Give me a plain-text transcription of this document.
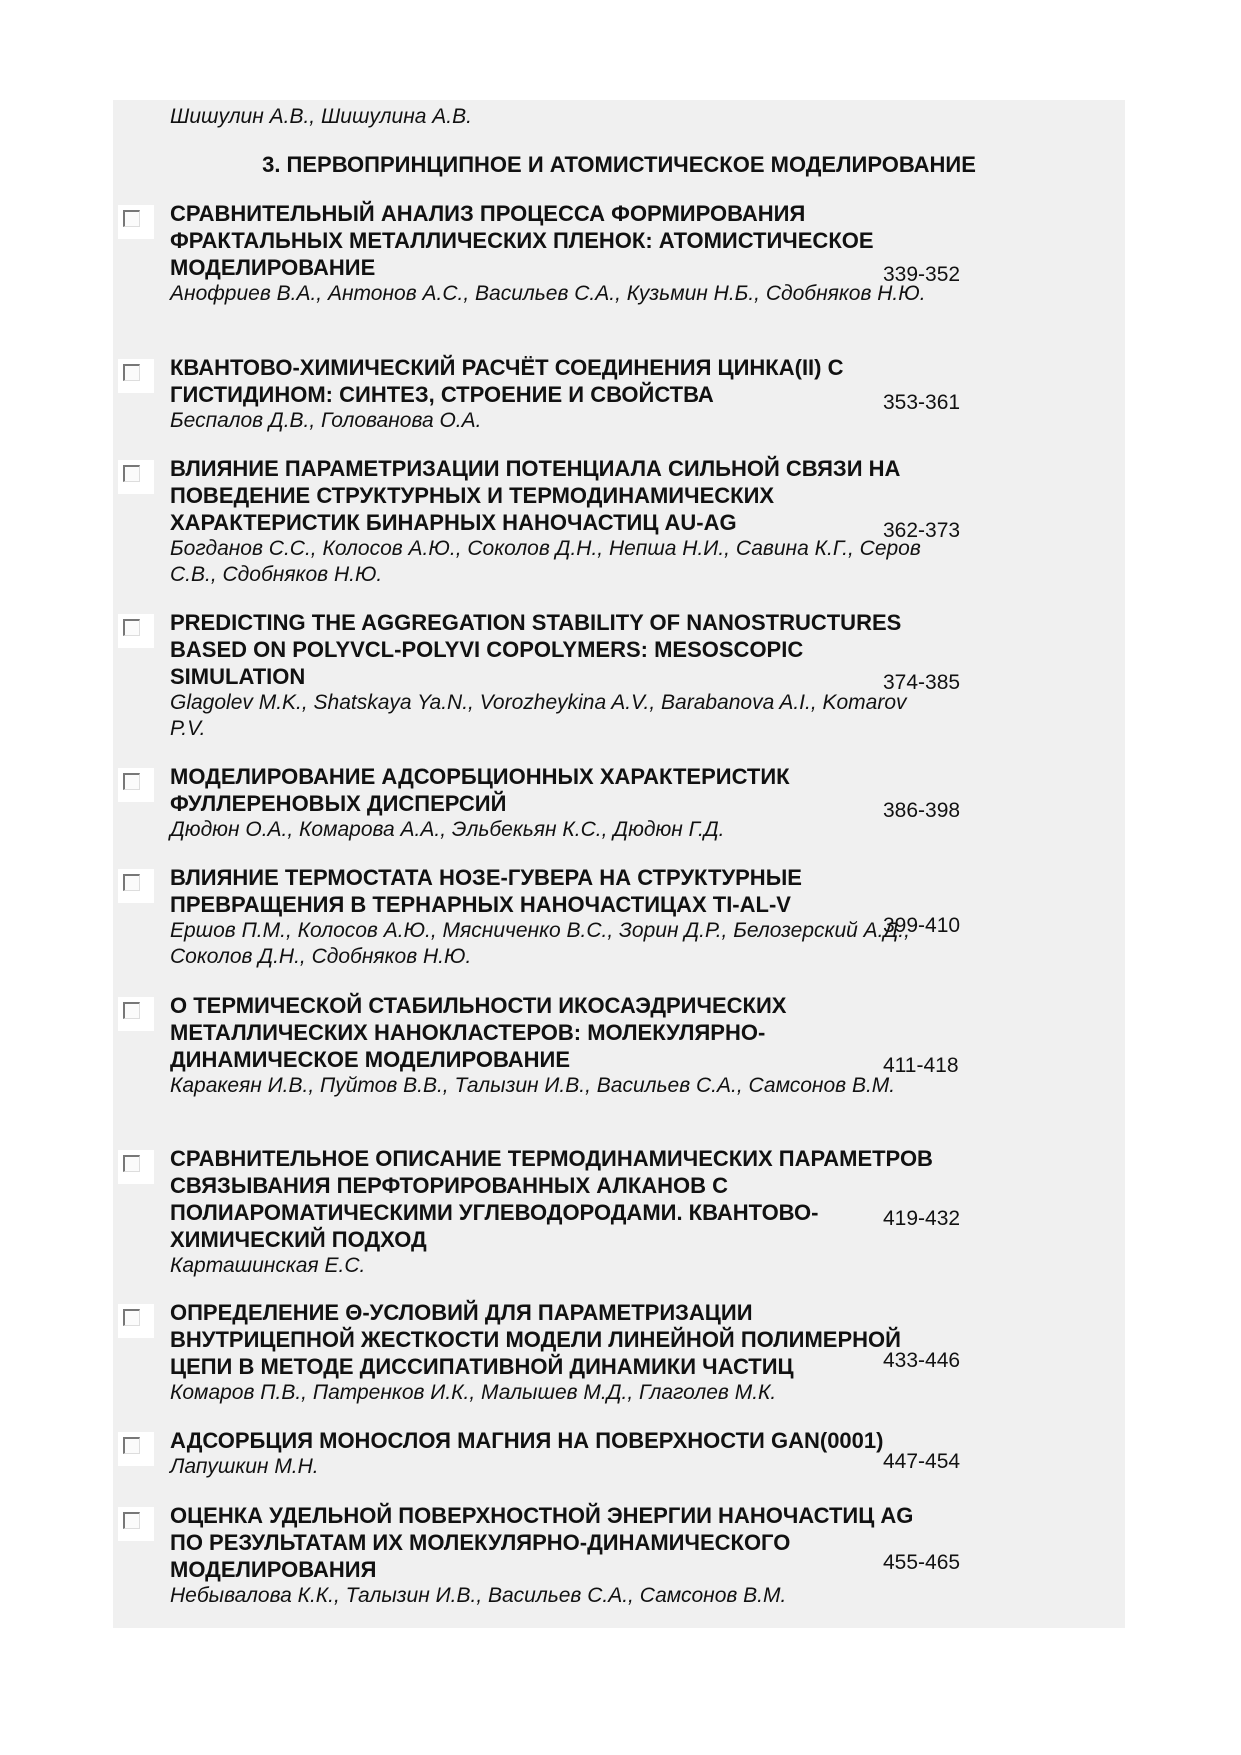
Шишулин А.В., Шишулина А.В.
3. ПЕРВОПРИНЦИПНОЕ И АТОМИСТИЧЕСКОЕ МОДЕЛИРОВАНИЕ

СРАВНИТЕЛЬНЫЙ АНАЛИЗ ПРОЦЕССА ФОРМИРОВАНИЯ ФРАКТАЛЬНЫХ МЕТАЛЛИЧЕСКИХ ПЛЕНОК: АТОМИСТИЧЕСКОЕ МОДЕЛИРОВАНИЕ

Анофриев В.А., Антонов А.С., Васильев С.А., Кузьмин Н.Б., Сдобняков Н.Ю.

339-352

КВАНТОВО-ХИМИЧЕСКИЙ РАСЧЁТ СОЕДИНЕНИЯ ЦИНКА(II) С ГИСТИДИНОМ: СИНТЕЗ, СТРОЕНИЕ И СВОЙСТВА

Беспалов Д.В., Голованова О.А.

353-361

ВЛИЯНИЕ ПАРАМЕТРИЗАЦИИ ПОТЕНЦИАЛА СИЛЬНОЙ СВЯЗИ НА ПОВЕДЕНИЕ СТРУКТУРНЫХ И ТЕРМОДИНАМИЧЕСКИХ ХАРАКТЕРИСТИК БИНАРНЫХ НАНОЧАСТИЦ AU-AG

Богданов С.С., Колосов А.Ю., Соколов Д.Н., Непша Н.И., Савина К.Г., Серов С.В., Сдобняков Н.Ю.

362-373

PREDICTING THE AGGREGATION STABILITY OF NANOSTRUCTURES BASED ON POLYVCL-POLYVI COPOLYMERS: MESOSCOPIC SIMULATION

Glagolev M.K., Shatskaya Ya.N., Vorozheykina A.V., Barabanova A.I., Komarov P.V.

374-385

МОДЕЛИРОВАНИЕ АДСОРБЦИОННЫХ ХАРАКТЕРИСТИК ФУЛЛЕРЕНОВЫХ ДИСПЕРСИЙ

Дюдюн О.А., Комарова А.А., Эльбекьян К.С., Дюдюн Г.Д.

386-398

ВЛИЯНИЕ ТЕРМОСТАТА НОЗЕ-ГУВЕРА НА СТРУКТУРНЫЕ ПРЕВРАЩЕНИЯ В ТЕРНАРНЫХ НАНОЧАСТИЦАХ TI-AL-V

Ершов П.М., Колосов А.Ю., Мясниченко В.С., Зорин Д.Р., Белозерский А.Д., Соколов Д.Н., Сдобняков Н.Ю.

399-410

О ТЕРМИЧЕСКОЙ СТАБИЛЬНОСТИ ИКОСАЭДРИЧЕСКИХ МЕТАЛЛИЧЕСКИХ НАНОКЛАСТЕРОВ: МОЛЕКУЛЯРНО-ДИНАМИЧЕСКОЕ МОДЕЛИРОВАНИЕ

Каракеян И.В., Пуйтов В.В., Талызин И.В., Васильев С.А., Самсонов В.М.

411-418

СРАВНИТЕЛЬНОЕ ОПИСАНИЕ ТЕРМОДИНАМИЧЕСКИХ ПАРАМЕТРОВ СВЯЗЫВАНИЯ ПЕРФТОРИРОВАННЫХ АЛКАНОВ С ПОЛИАРОМАТИЧЕСКИМИ УГЛЕВОДОРОДАМИ. КВАНТОВО-ХИМИЧЕСКИЙ ПОДХОД

Карташинская Е.С.

419-432

ОПРЕДЕЛЕНИЕ Θ-УСЛОВИЙ ДЛЯ ПАРАМЕТРИЗАЦИИ ВНУТРИЦЕПНОЙ ЖЕСТКОСТИ МОДЕЛИ ЛИНЕЙНОЙ ПОЛИМЕРНОЙ ЦЕПИ В МЕТОДЕ ДИССИПАТИВНОЙ ДИНАМИКИ ЧАСТИЦ

Комаров П.В., Патренков И.К., Малышев М.Д., Глаголев М.К.

433-446

АДСОРБЦИЯ МОНОСЛОЯ МАГНИЯ НА ПОВЕРХНОСТИ GAN(0001)

Лапушкин М.Н.	447-454

ОЦЕНКА УДЕЛЬНОЙ ПОВЕРХНОСТНОЙ ЭНЕРГИИ НАНОЧАСТИЦ AG ПО РЕЗУЛЬТАТАМ ИХ МОЛЕКУЛЯРНО-ДИНАМИЧЕСКОГО МОДЕЛИРОВАНИЯ

Небывалова К.К., Талызин И.В., Васильев С.А., Самсонов В.М.

455-465
